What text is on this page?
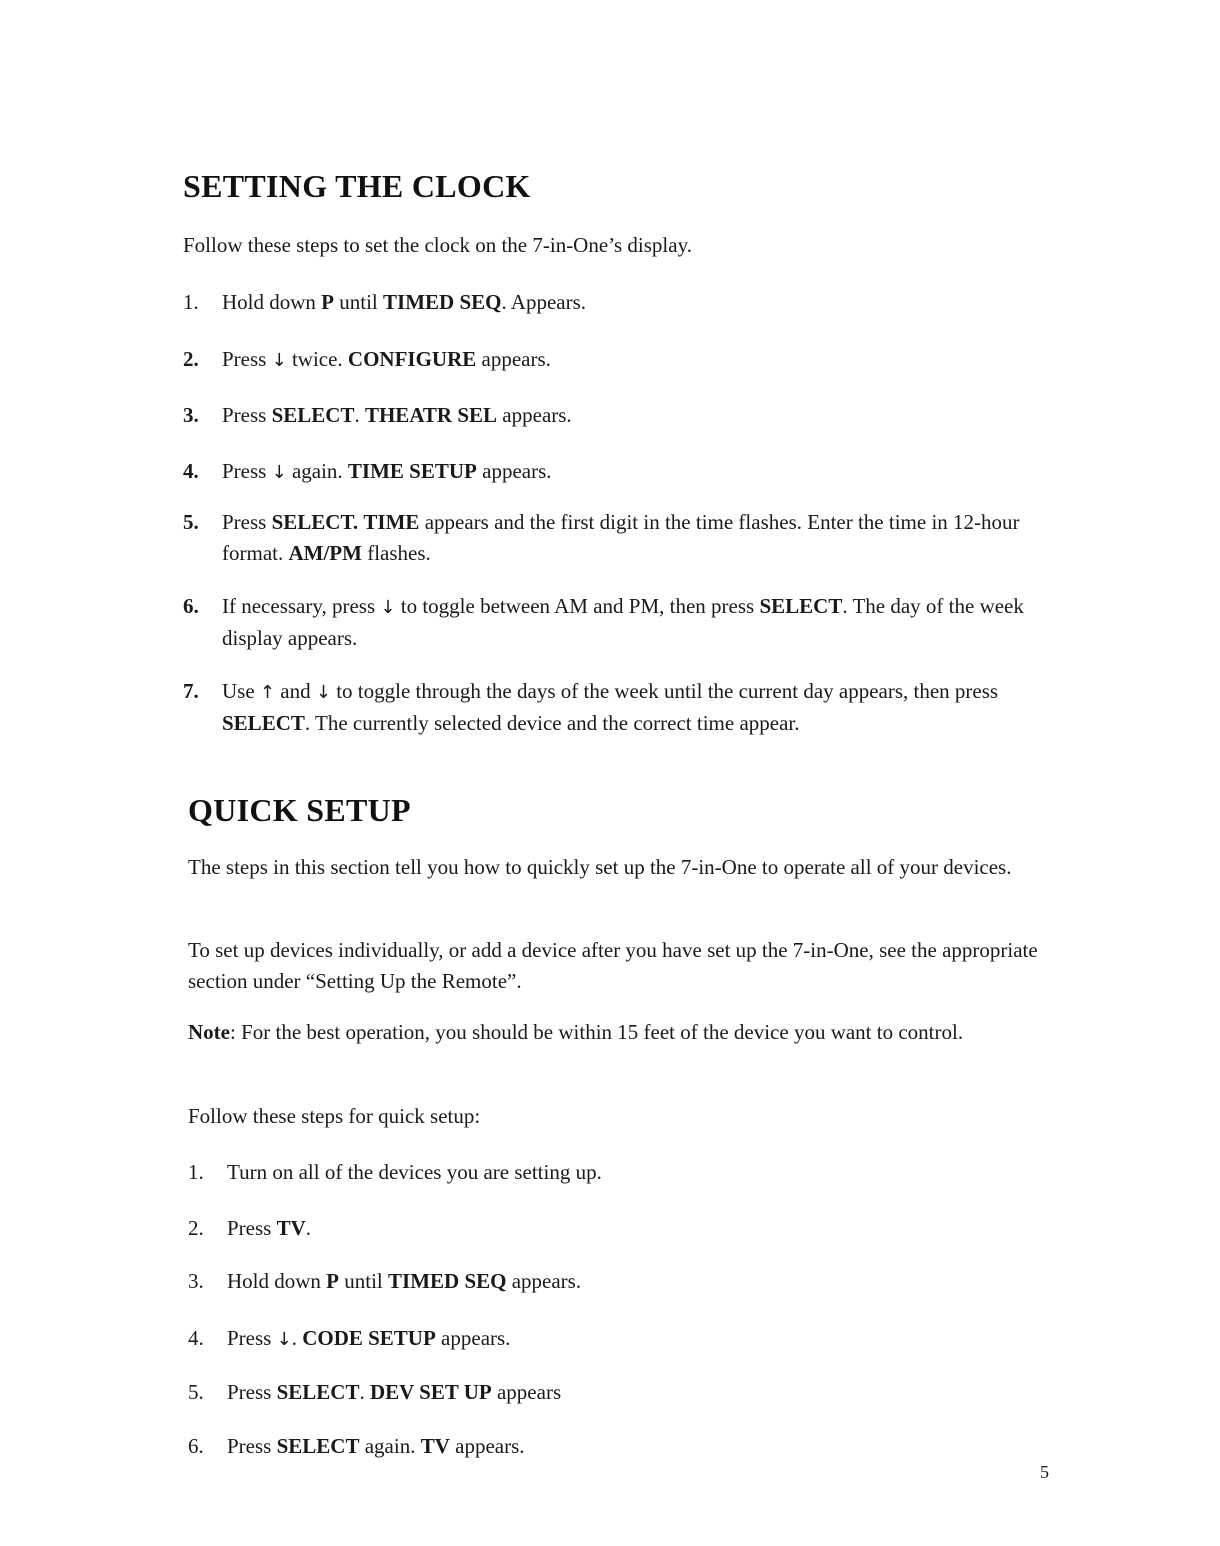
SETTING THE CLOCK

Follow these steps to set the clock on the 7-in-One’s display.

1. Hold down P until TIMED SEQ. Appears.
2. Press ↓ twice. CONFIGURE appears.
3. Press SELECT. THEATR SEL appears.
4. Press ↓ again. TIME SETUP appears.
5. Press SELECT. TIME appears and the first digit in the time flashes. Enter the time in 12-hour format. AM/PM flashes.
6. If necessary, press ↓ to toggle between AM and PM, then press SELECT. The day of the week display appears.
7. Use ↑ and ↓ to toggle through the days of the week until the current day appears, then press SELECT. The currently selected device and the correct time appear.
QUICK SETUP

The steps in this section tell you how to quickly set up the 7-in-One to operate all of your devices.

To set up devices individually, or add a device after you have set up the 7-in-One, see the appropriate section under “Setting Up the Remote”.

Note: For the best operation, you should be within 15 feet of the device you want to control.

Follow these steps for quick setup:

1. Turn on all of the devices you are setting up.
2. Press TV.
3. Hold down P until TIMED SEQ appears.
4. Press ↓. CODE SETUP appears.
5. Press SELECT. DEV SET UP appears
6. Press SELECT again. TV appears.
5
